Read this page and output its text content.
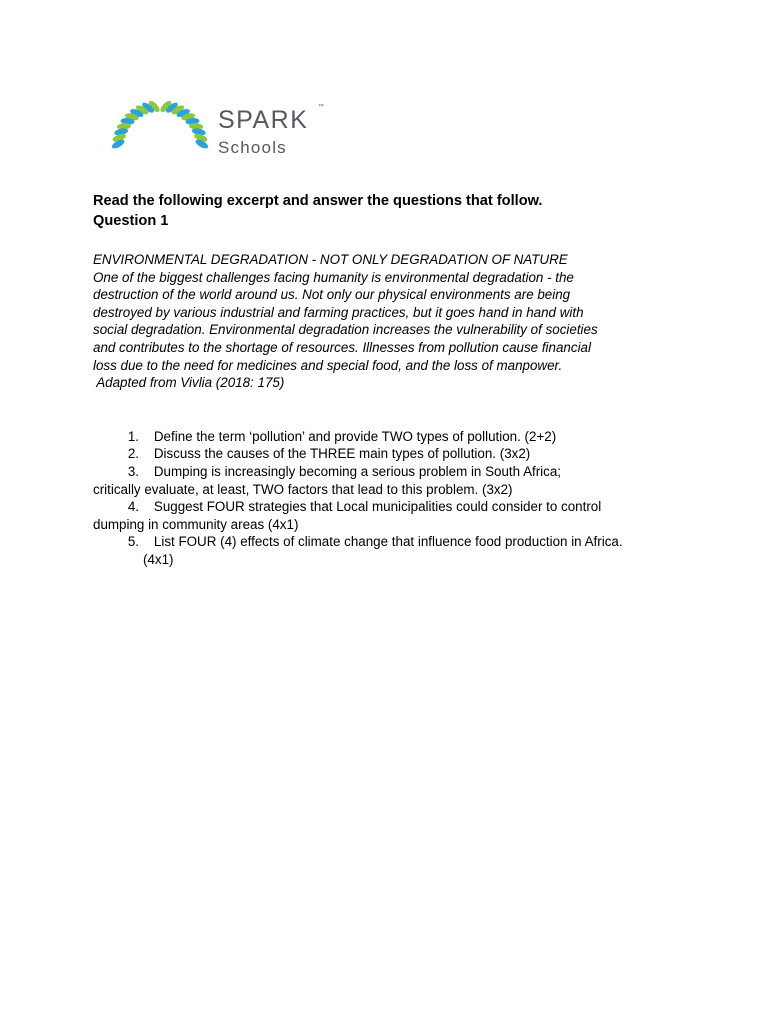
SPARK ™
Schools

Read the following excerpt and answer the questions that follow.
Question 1

ENVIRONMENTAL DEGRADATION - NOT ONLY DEGRADATION OF NATURE
One of the biggest challenges facing humanity is environmental degradation - the
destruction of the world around us. Not only our physical environments are being
destroyed by various industrial and farming practices, but it goes hand in hand with
social degradation. Environmental degradation increases the vulnerability of societies
and contributes to the shortage of resources. Illnesses from pollution cause financial
loss due to the need for medicines and special food, and the loss of manpower.
Adapted from Vivlia (2018: 175)
1. Define the term ‘pollution’ and provide TWO types of pollution. (2+2)
2. Discuss the causes of the THREE main types of pollution. (3x2)
3. Dumping is increasingly becoming a serious problem in South Africa;
critically evaluate, at least, TWO factors that lead to this problem. (3x2)
4. Suggest FOUR strategies that Local municipalities could consider to control
dumping in community areas (4x1)
5. List FOUR (4) effects of climate change that influence food production in Africa.
(4x1)
